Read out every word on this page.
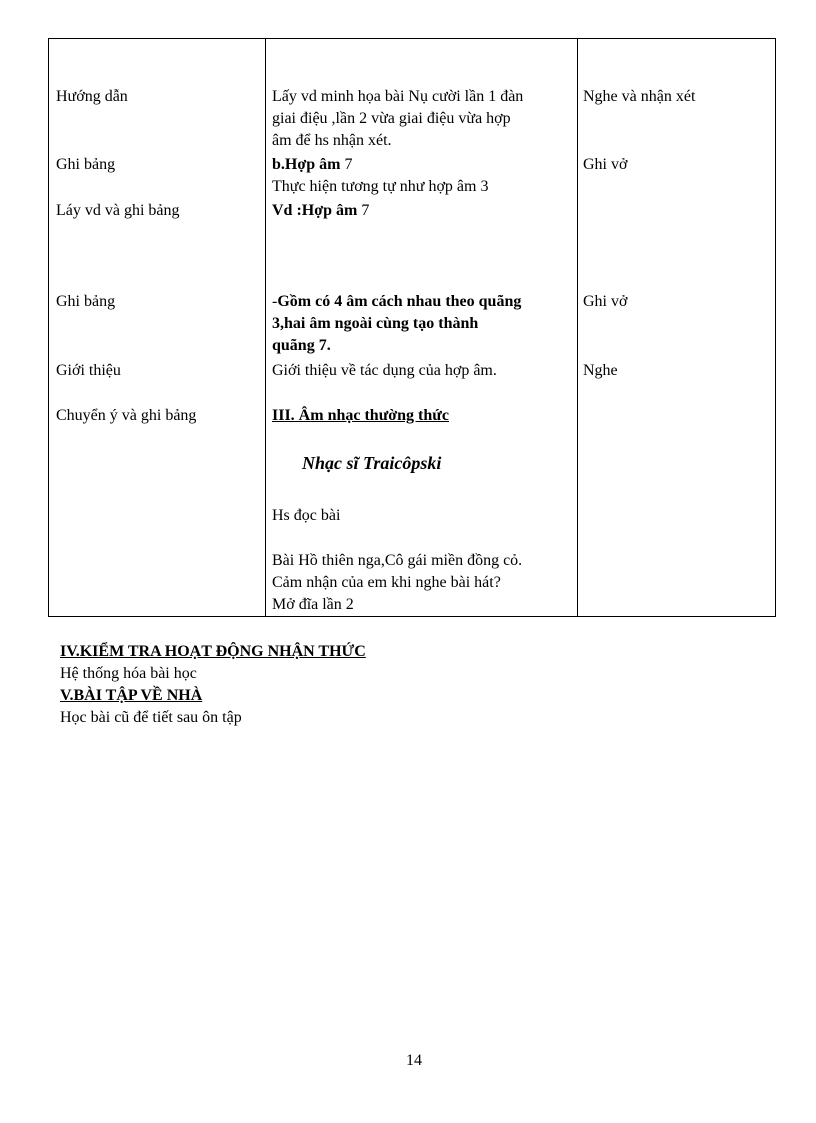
Hướng dẫn
Ghi bảng
Láy vd và ghi bảng
Ghi bảng
Giới thiệu
Chuyển ý và ghi bảng
Lấy vd minh họa bài Nụ cười lần 1 đàn
giai điệu ,lần 2 vừa giai điệu vừa hợp
âm để hs nhận xét.
b.Hợp âm 7
Thực hiện tương tự như hợp âm 3
Vd :Hợp âm 7
-Gồm có 4 âm cách nhau theo quãng
3,hai âm ngoài cùng tạo thành
quãng 7.
Giới thiệu về tác dụng của hợp âm.
III. Âm nhạc thường thức
Nhạc sĩ Traicôpski
Hs đọc bài
Bài Hồ thiên nga,Cô gái miền đồng cỏ.
Cảm nhận của em khi nghe bài hát?
Mở đĩa lần 2
Nghe và nhận xét
Ghi vở
Ghi vở
Nghe
IV.KIỂM TRA HOẠT ĐỘNG NHẬN THỨC
Hệ thống hóa bài học
V.BÀI TẬP VỀ NHÀ
Học bài cũ để tiết sau ôn tập
14
